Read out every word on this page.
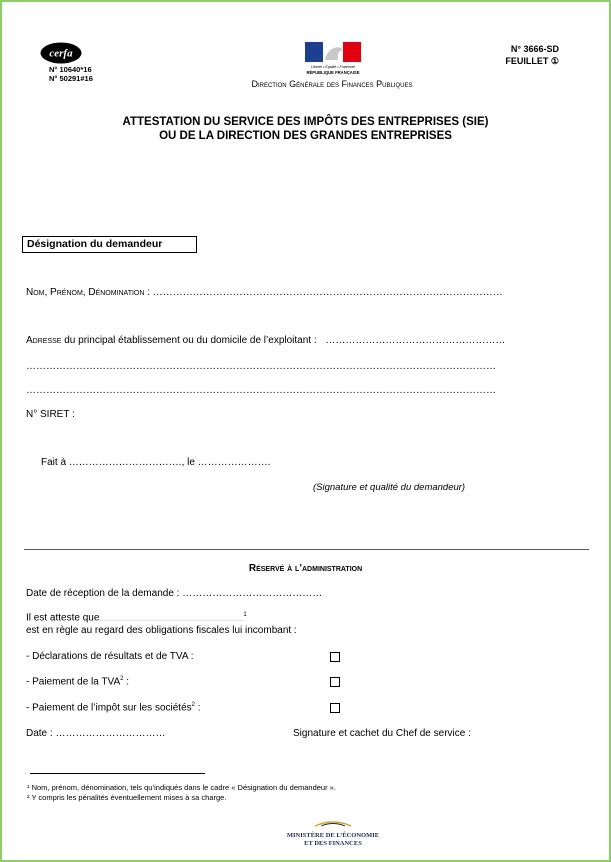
cerfa
N° 10640*16
N° 50291#16
Liberté • Égalité • Fraternité
RÉPUBLIQUE FRANÇAISE
Direction Générale des Finances Publiques
N° 3666-SD
FEUILLET ①
ATTESTATION DU SERVICE DES IMPÔTS DES ENTREPRISES (SIE)
OU DE LA DIRECTION DES GRANDES ENTREPRISES
Désignation du demandeur
Nom, Prénom, Dénomination : ……………………………………………………………………………………………
Adresse du principal établissement ou du domicile de l’exploitant : ………………………………………………
……………………………………………………………………………………………………………………………
……………………………………………………………………………………………………………………………
N° SIRET :
Fait à ……………………………., le ………………….
(Signature et qualité du demandeur)
Réservé à l’administration
Date de réception de la demande : ……………………………………
Il est atteste que………………………………………………………………………………………………$^1$
est en règle au regard des obligations fiscales lui incombant :
- Déclarations de résultats et de TVA :
- Paiement de la TVA$^2$ :
- Paiement de l’impôt sur les sociétés$^2$ :
Date : ……………………………	Signature et cachet du Chef de service :
¹ Nom, prénom, dénomination, tels qu’indiqués dans le cadre « Désignation du demandeur ».
² Y compris les pénalités éventuellement mises à sa charge.
MINISTÈRE DE L’ÉCONOMIE
ET DES FINANCES
